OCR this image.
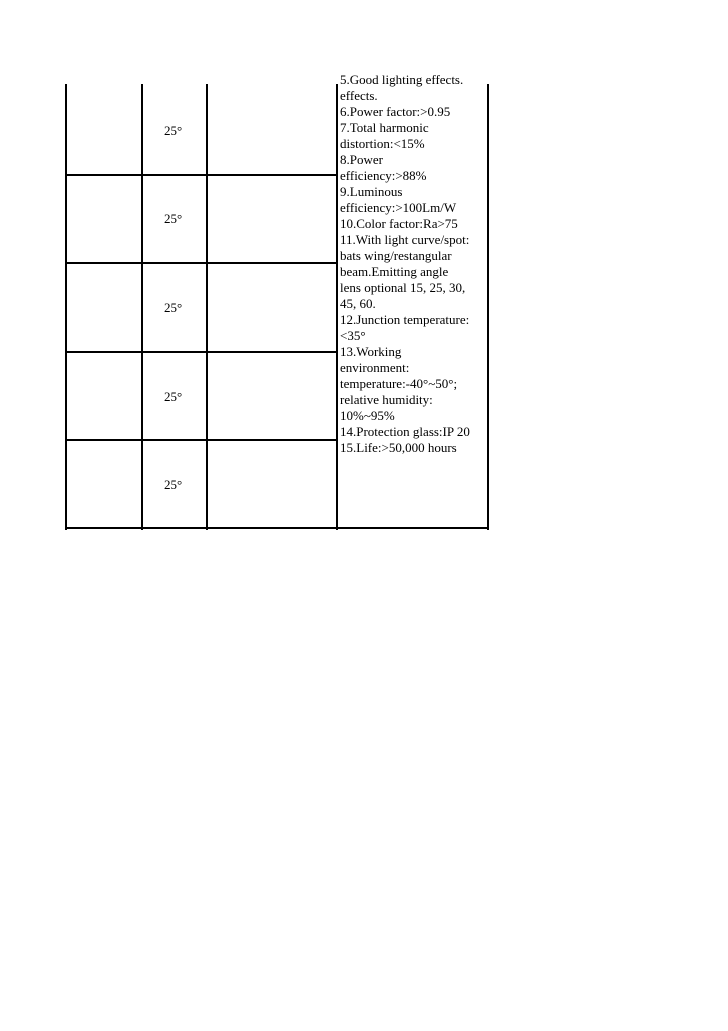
25°
25°
25°
25°
25°
5.Good lighting effects.
effects.
6.Power factor:>0.95
7.Total harmonic
distortion:<15%
8.Power
efficiency:>88%
9.Luminous
efficiency:>100Lm/W
10.Color factor:Ra>75
11.With light curve/spot:
bats wing/restangular
beam.Emitting angle
lens optional 15, 25, 30,
45, 60.
12.Junction temperature:
<35°
13.Working
environment:
temperature:-40°~50°;
relative humidity:
10%~95%
14.Protection glass:IP 20
15.Life:>50,000 hours
